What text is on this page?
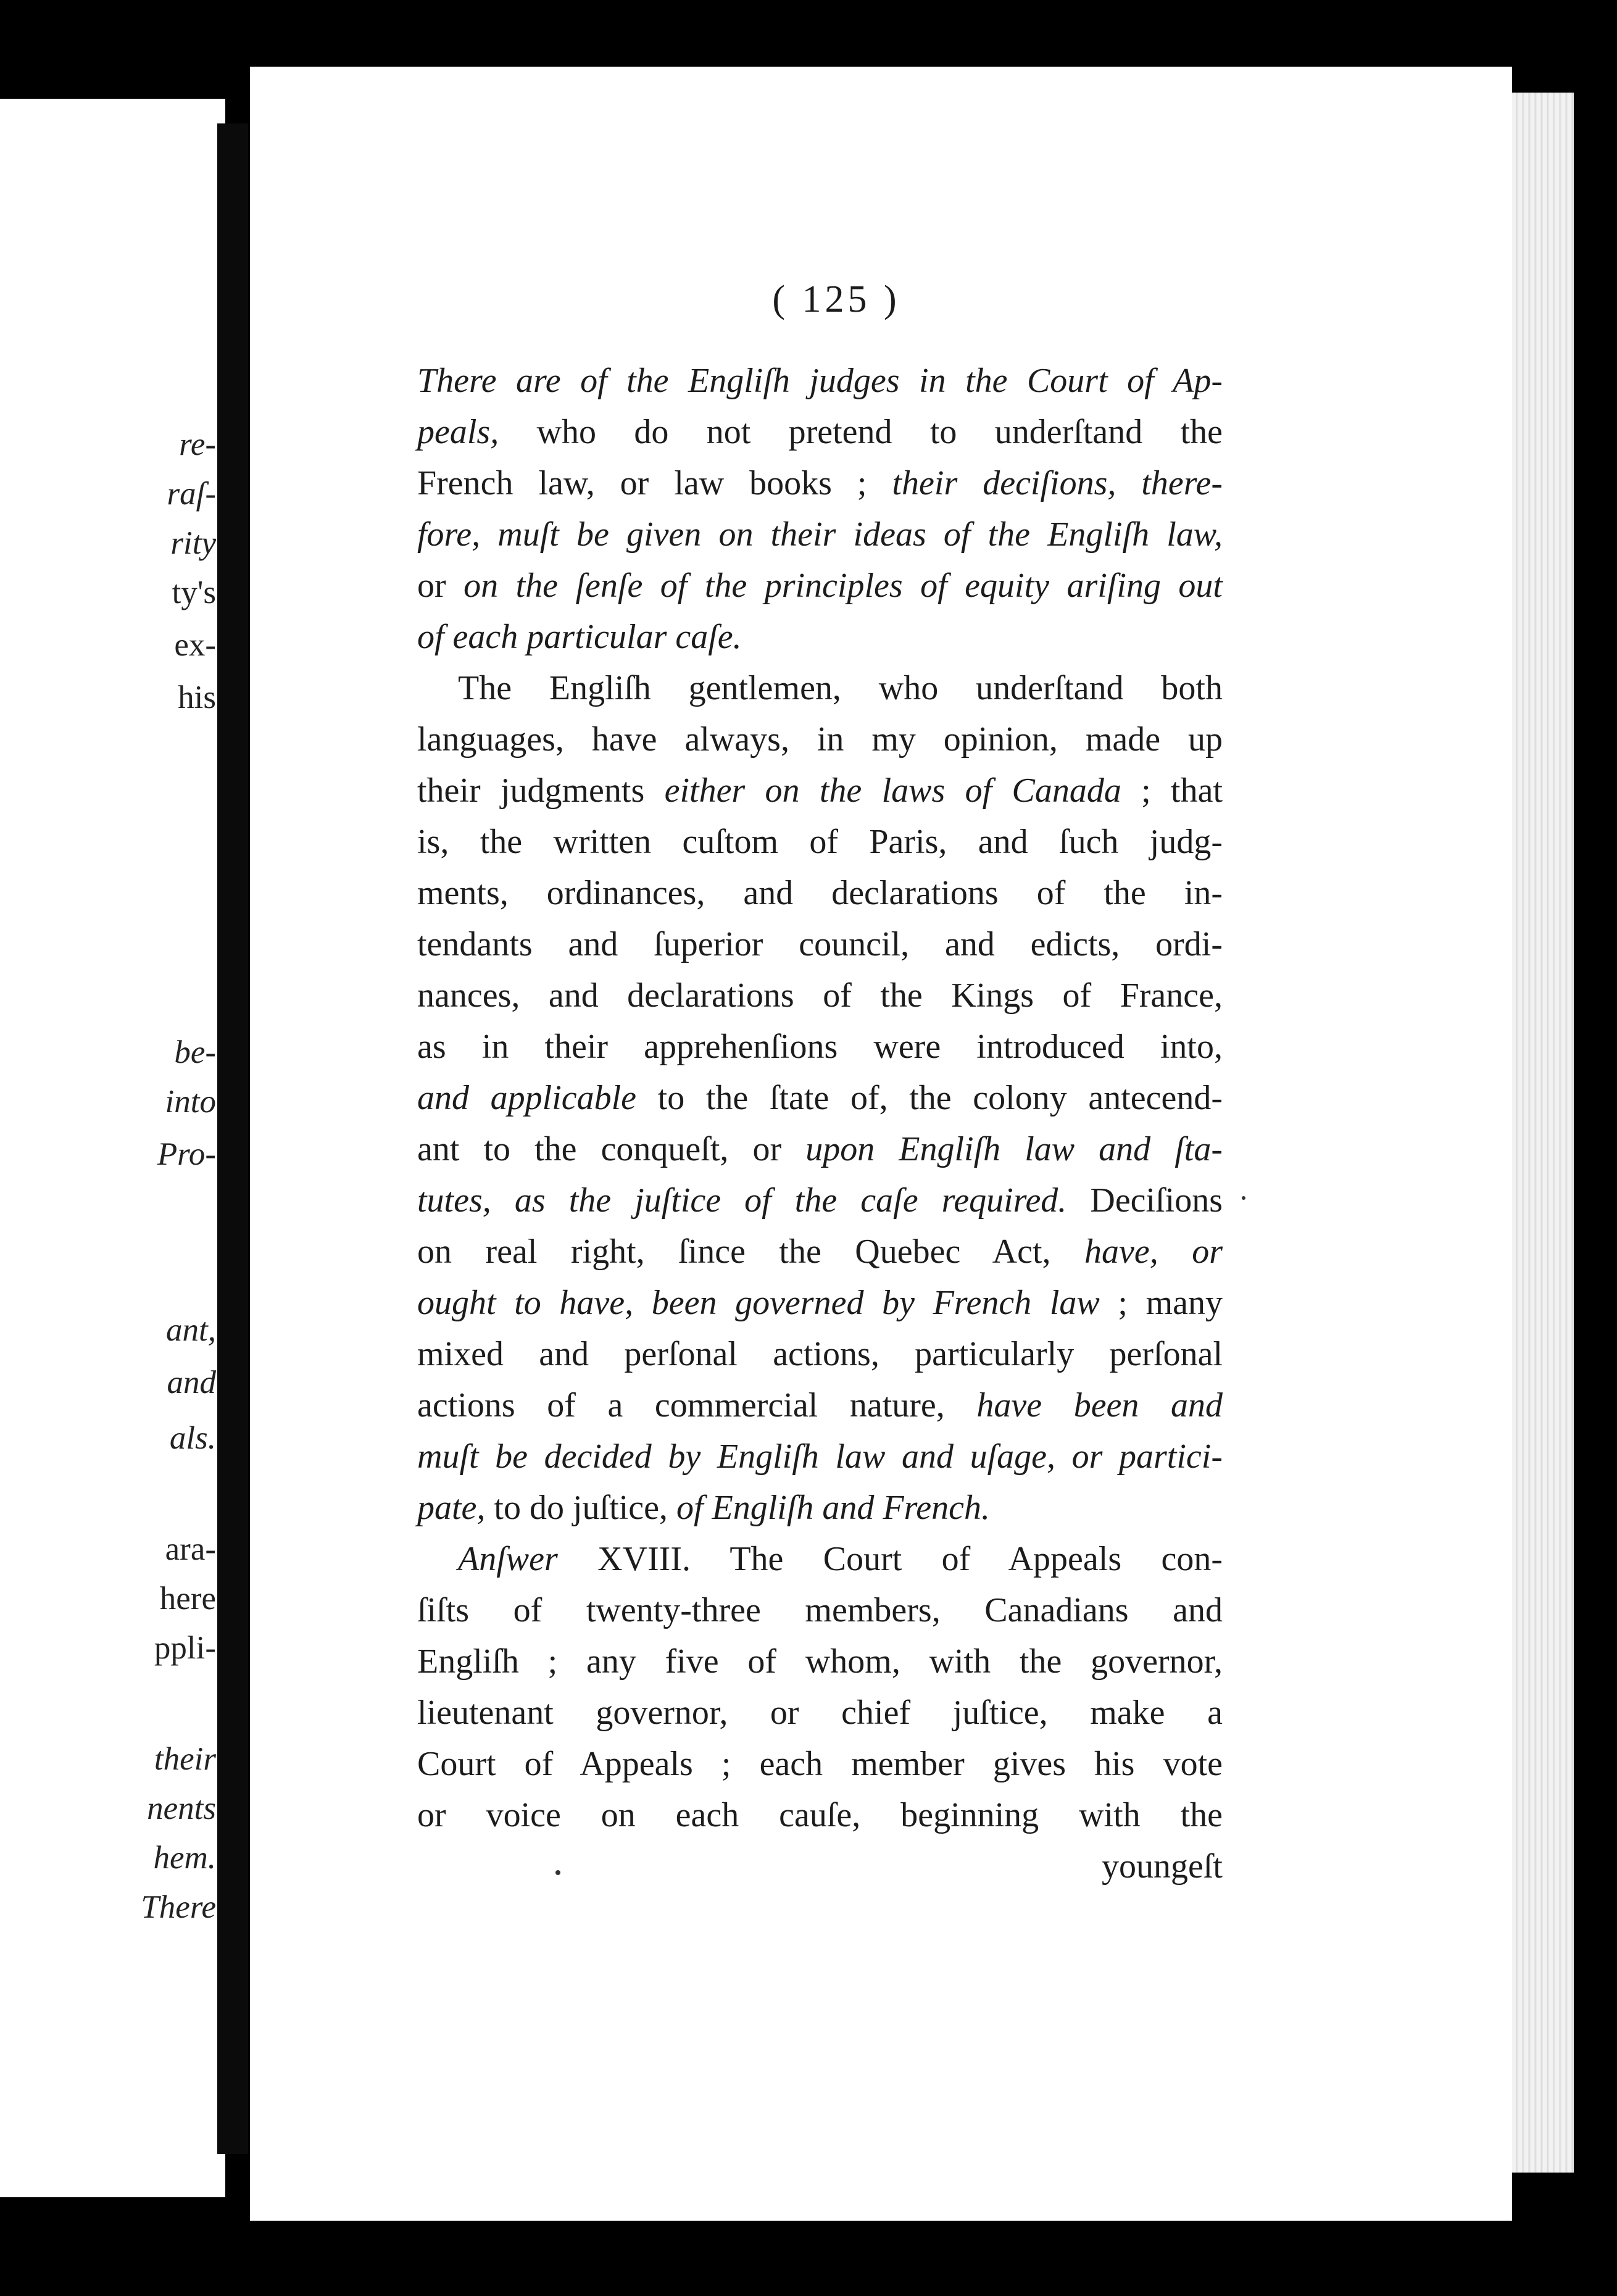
re-
raſ-
rity
ty's
ex-
his
be-
into
Pro-
ant,
and
als.
ara-
here
ppli-
their
nents
hem.
There
( 125 )
There are of the Engliſh judges in the Court of Ap-
peals, who do not pretend to underſtand the
French law, or law books ; their deciſions, there-
fore, muſt be given on their ideas of the Engliſh law,
or on the ſenſe of the principles of equity ariſing out
of each particular caſe.
The Engliſh gentlemen, who underſtand both
languages, have always, in my opinion, made up
their judgments either on the laws of Canada ; that
is, the written cuſtom of Paris, and ſuch judg-
ments, ordinances, and declarations of the in-
tendants and ſuperior council, and edicts, ordi-
nances, and declarations of the Kings of France,
as in their apprehenſions were introduced into,
and applicable to the ſtate of, the colony antecend-
ant to the conqueſt, or upon Engliſh law and ſta-
tutes, as the juſtice of the caſe required. Deciſions
on real right, ſince the Quebec Act, have, or
ought to have, been governed by French law ; many
mixed and perſonal actions, particularly perſonal
actions of a commercial nature, have been and
muſt be decided by Engliſh law and uſage, or partici-
pate, to do juſtice, of Engliſh and French.
Anſwer XVIII. The Court of Appeals con-
ſiſts of twenty-three members, Canadians and
Engliſh ; any five of whom, with the governor,
lieutenant governor, or chief juſtice, make a
Court of Appeals ; each member gives his vote
or voice on each cauſe, beginning with the
youngeſt
